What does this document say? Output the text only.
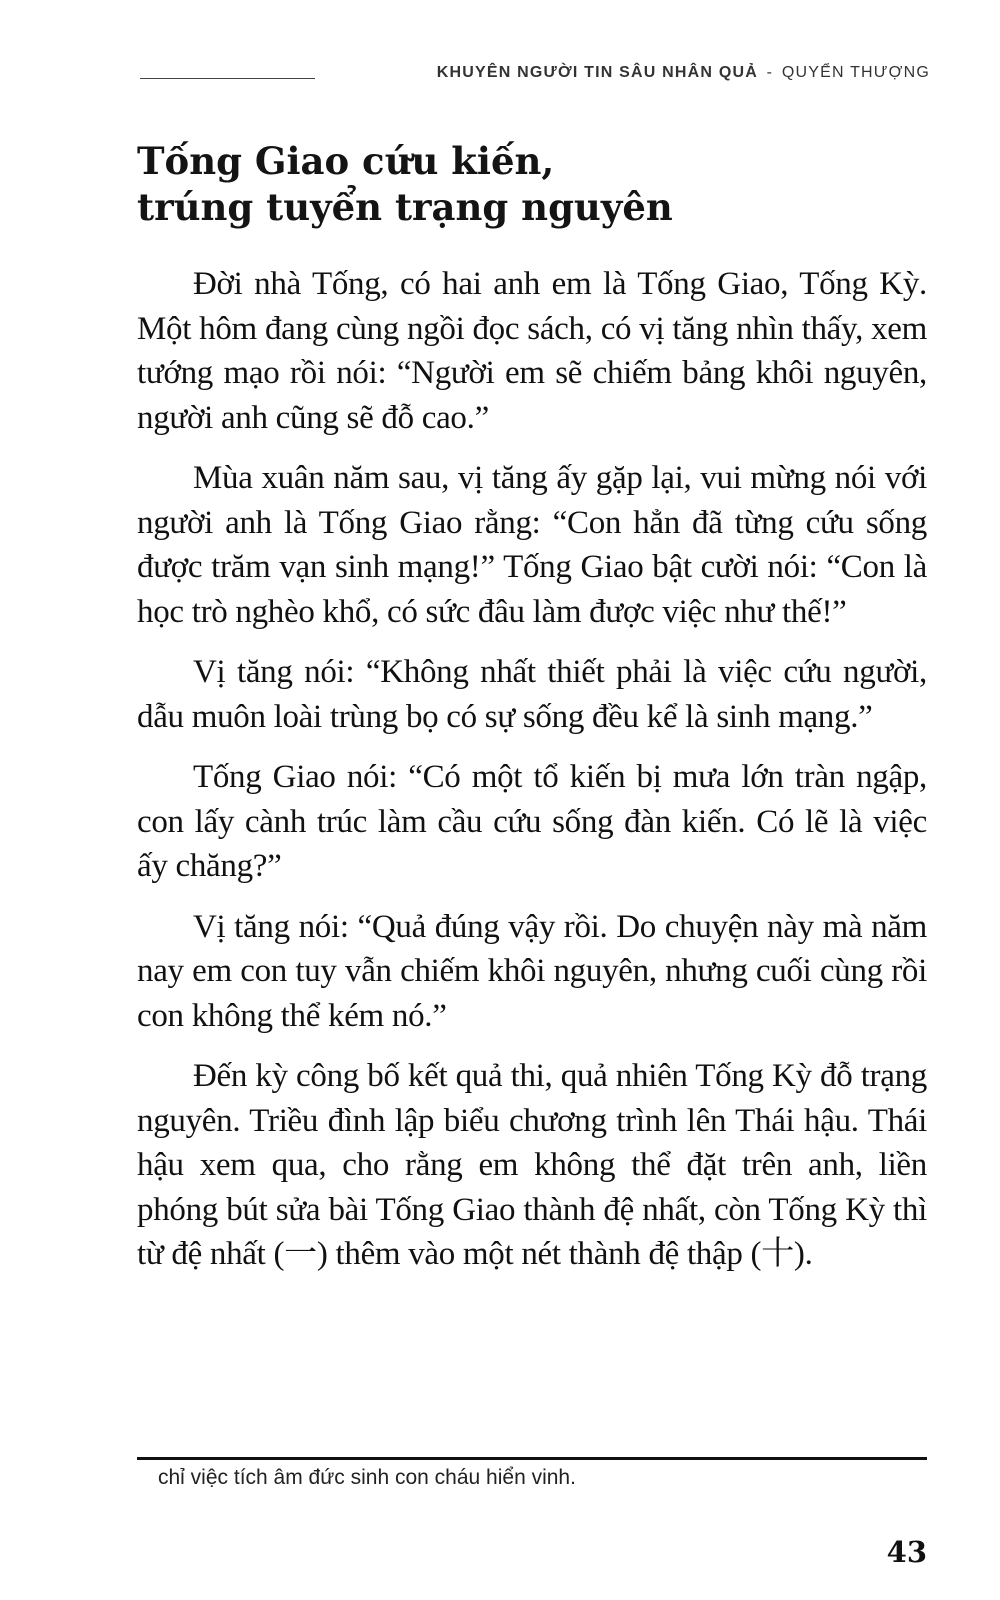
KHUYÊN NGƯỜI TIN SÂU NHÂN QUẢ - QUYỂN THƯỢNG
Tống Giao cứu kiến,
trúng tuyển trạng nguyên

Đời nhà Tống, có hai anh em là Tống Giao, Tống Kỳ. Một hôm đang cùng ngồi đọc sách, có vị tăng nhìn thấy, xem tướng mạo rồi nói: “Người em sẽ chiếm bảng khôi nguyên, người anh cũng sẽ đỗ cao.”

Mùa xuân năm sau, vị tăng ấy gặp lại, vui mừng nói với người anh là Tống Giao rằng: “Con hẳn đã từng cứu sống được trăm vạn sinh mạng!” Tống Giao bật cười nói: “Con là học trò nghèo khổ, có sức đâu làm được việc như thế!”

Vị tăng nói: “Không nhất thiết phải là việc cứu người, dẫu muôn loài trùng bọ có sự sống đều kể là sinh mạng.”

Tống Giao nói: “Có một tổ kiến bị mưa lớn tràn ngập, con lấy cành trúc làm cầu cứu sống đàn kiến. Có lẽ là việc ấy chăng?”

Vị tăng nói: “Quả đúng vậy rồi. Do chuyện này mà năm nay em con tuy vẫn chiếm khôi nguyên, nhưng cuối cùng rồi con không thể kém nó.”

Đến kỳ công bố kết quả thi, quả nhiên Tống Kỳ đỗ trạng nguyên. Triều đình lập biểu chương trình lên Thái hậu. Thái hậu xem qua, cho rằng em không thể đặt trên anh, liền phóng bút sửa bài Tống Giao thành đệ nhất, còn Tống Kỳ thì từ đệ nhất (一) thêm vào một nét thành đệ thập (十).

chỉ việc tích âm đức sinh con cháu hiển vinh.
43
